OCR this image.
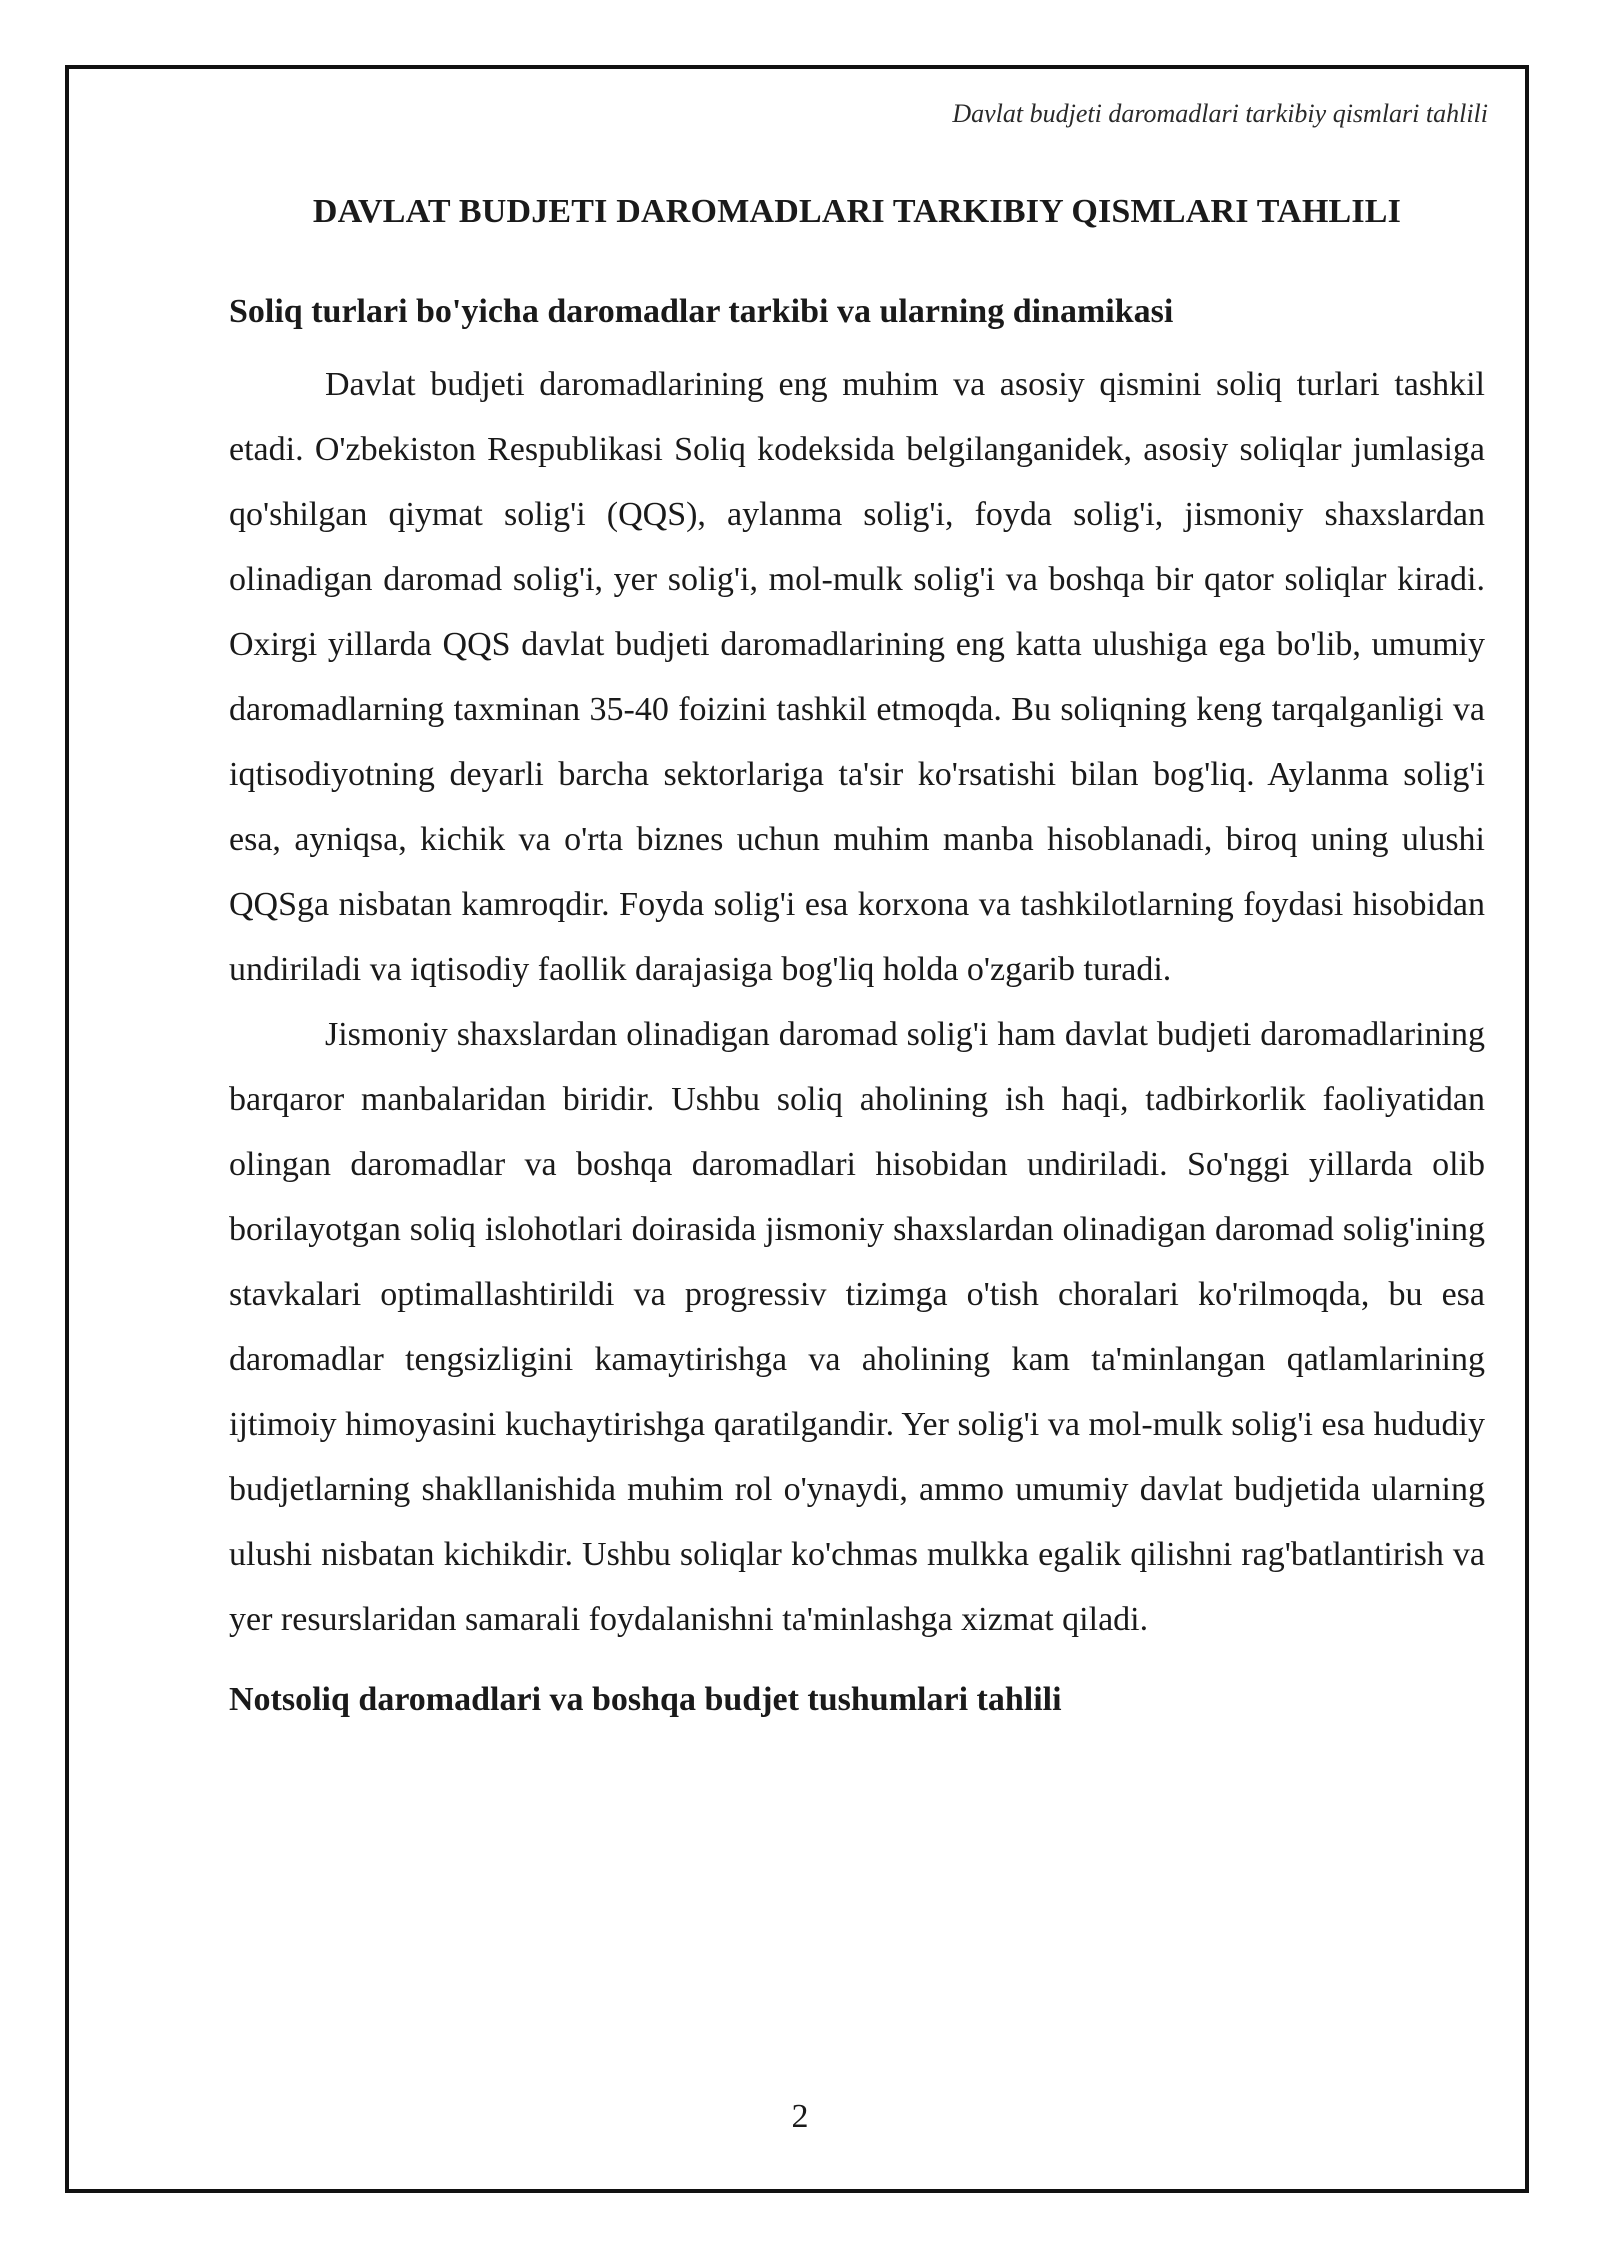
Davlat budjeti daromadlari tarkibiy qismlari tahlili
DAVLAT BUDJETI DAROMADLARI TARKIBIY QISMLARI TAHLILI
Soliq turlari bo'yicha daromadlar tarkibi va ularning dinamikasi

Davlat budjeti daromadlarining eng muhim va asosiy qismini soliq turlari tashkil etadi. O'zbekiston Respublikasi Soliq kodeksida belgilanganidek, asosiy soliqlar jumlasiga qo'shilgan qiymat solig'i (QQS), aylanma solig'i, foyda solig'i, jismoniy shaxslardan olinadigan daromad solig'i, yer solig'i, mol-mulk solig'i va boshqa bir qator soliqlar kiradi. Oxirgi yillarda QQS davlat budjeti daromadlarining eng katta ulushiga ega bo'lib, umumiy daromadlarning taxminan 35-40 foizini tashkil etmoqda. Bu soliqning keng tarqalganligi va iqtisodiyotning deyarli barcha sektorlariga ta'sir ko'rsatishi bilan bog'liq. Aylanma solig'i esa, ayniqsa, kichik va o'rta biznes uchun muhim manba hisoblanadi, biroq uning ulushi QQSga nisbatan kamroqdir. Foyda solig'i esa korxona va tashkilotlarning foydasi hisobidan undiriladi va iqtisodiy faollik darajasiga bog'liq holda o'zgarib turadi.

Jismoniy shaxslardan olinadigan daromad solig'i ham davlat budjeti daromadlarining barqaror manbalaridan biridir. Ushbu soliq aholining ish haqi, tadbirkorlik faoliyatidan olingan daromadlar va boshqa daromadlari hisobidan undiriladi. So'nggi yillarda olib borilayotgan soliq islohotlari doirasida jismoniy shaxslardan olinadigan daromad solig'ining stavkalari optimallashtirildi va progressiv tizimga o'tish choralari ko'rilmoqda, bu esa daromadlar tengsizligini kamaytirishga va aholining kam ta'minlangan qatlamlarining ijtimoiy himoyasini kuchaytirishga qaratilgandir. Yer solig'i va mol-mulk solig'i esa hududiy budjetlarning shakllanishida muhim rol o'ynaydi, ammo umumiy davlat budjetida ularning ulushi nisbatan kichikdir. Ushbu soliqlar ko'chmas mulkka egalik qilishni rag'batlantirish va yer resurslaridan samarali foydalanishni ta'minlashga xizmat qiladi.

Notsoliq daromadlari va boshqa budjet tushumlari tahlili
2
